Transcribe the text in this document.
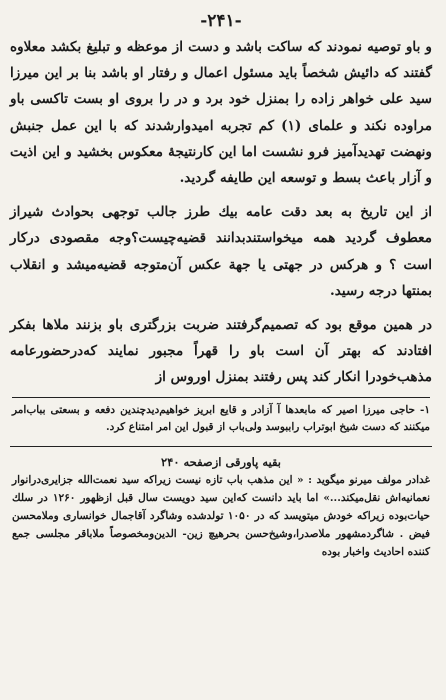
-۲۴۱-

و باو توصیه نمودند که ساکت باشد و دست از موعظه و تبلیغ بکشد معلاوه گفتند که دائیش شخصاً باید مسئول اعمال و رفتار او باشد بنا بر این میرزا سید علی خواهر زاده را بمنزل خود برد و در را بروی او بست تاکسی باو مراوده نکند و علمای (۱) کم تجربه امیدوارشدند که با این عمل جنبش ونهضت تهدیدآمیز فرو نشست اما این کارنتیجهٔ معکوس بخشید و این اذیت و آزار باعث بسط و توسعه این طایفه گردید.

از این تاریخ به بعد دقت عامه بیك طرز جالب توجهی بحوادث شیراز معطوف گردید همه میخواستندبدانند قضیه‌چیست؟وجه مقصودی درکار است ؟ و هرکس در جهتی یا جهة عکس آن‌متوجه قضیه‌میشد و انقلاب بمنتها درجه رسید.

در همین موقع بود که تصمیم‌گرفتند ضربت بزرگتری باو بزنند ملاها بفکر افتادند که بهتر آن است باو را قهراً مجبور نمایند که‌درحضورعامه مذهب‌خودرا انکار کند پس رفتند بمنزل اوروس از

۱- حاجی میرزا اصیر که مابعدها آ آزادر و قایع ابریز خواهیم‌دید‌چندین دفعه و بسعتی بباب‌امر میکنند که دست شیخ ابوتراب را‌ببوسد ولی‌باب از قبول این امر امتناع کرد.
بقیه پاورقی ازصفحه ۲۴۰

غدادر مولف میرنو میگوید : « این مذهب باب تازه نیست زیراکه سید نعمت‌الله جزایری‌درانوار نعمانیه‌اش نقل‌میکند...» اما باید دانست که‌این سید دویست سال قبل ازظهور ۱۲۶۰ در سلك حیات‌بوده زیراکه خودش میتویسد که در ۱۰۵۰ تولدشده وشاگرد آقاجمال خوانساری وملامحسن فیض . شاگردمشهور ملاصدرا،وشیخ‌حسن بحرهیچ زین- الدین‌ومخصوصاً ملاباقر مجلسی جمع کننده احادیث واخبار بوده
